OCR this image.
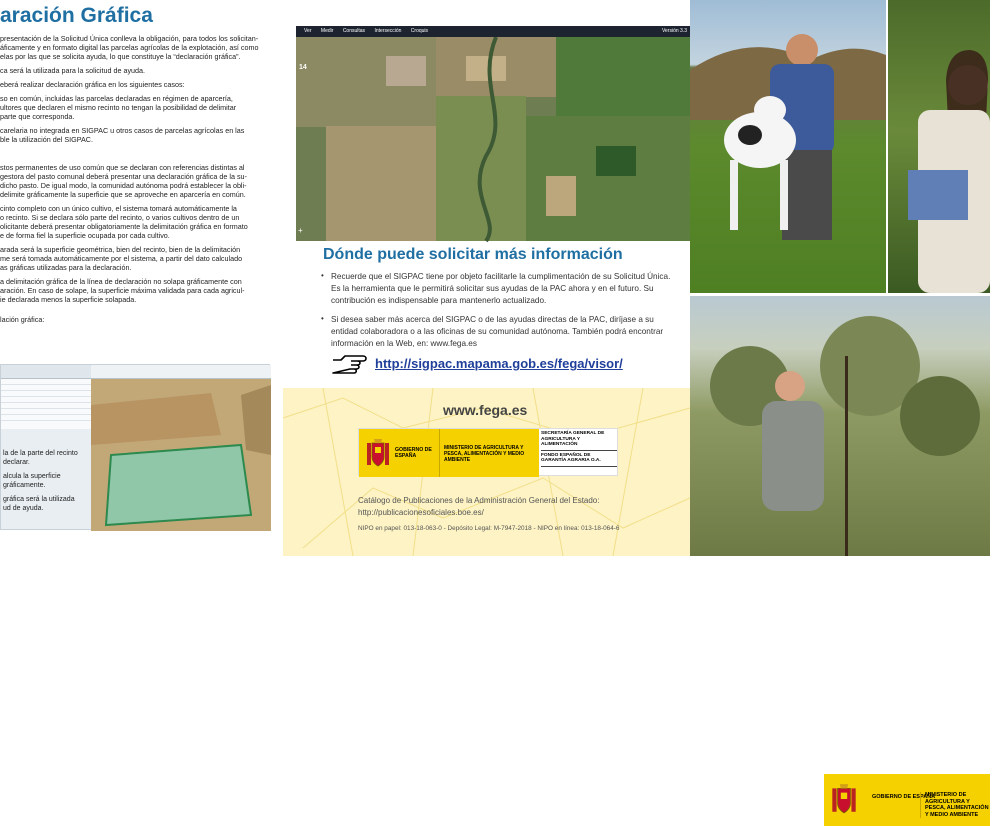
aración Gráfica
presentación de la Solicitud Única conlleva la obligación, para todos los solicitan-
áficamente y en formato digital las parcelas agrícolas de la explotación, así como
elas por las que se solicita ayuda, lo que constituye la “declaración gráfica”.
ca será la utilizada para la solicitud de ayuda.
eberá realizar declaración gráfica en los siguientes casos:
so en común, incluidas las parcelas declaradas en régimen de aparcería,
ultores que declaren el mismo recinto no tengan la posibilidad de delimitar
parte que corresponda.
carelaria no integrada en SIGPAC u otros casos de parcelas agrícolas en las
ble la utilización del SIGPAC.
stos permanentes de uso común que se declaran con referencias distintas al
gestora del pasto comunal deberá presentar una declaración gráfica de la su-
dicho pasto. De igual modo, la comunidad autónoma podrá establecer la obli-
delimite gráficamente la superficie que se aproveche en aparcería en común.
cinto completo con un único cultivo, el sistema tomará automáticamente la
o recinto. Si se declara sólo parte del recinto, o varios cultivos dentro de un
olicitante deberá presentar obligatoriamente la delimitación gráfica en formato
e de forma fiel la superficie ocupada por cada cultivo.
arada será la superficie geométrica, bien del recinto, bien de la delimitación
me será tomada automáticamente por el sistema, a partir del dato calculado
as gráficas utilizadas para la declaración.
a delimitación gráfica de la línea de declaración no solapa gráficamente con
aración. En caso de solape, la superficie máxima validada para cada agricul-
ie declarada menos la superficie solapada.
lación gráfica:
la de la parte del recinto
declarar.
alcula la superficie
gráficamente.
gráfica será la utilizada
ud de ayuda.
Ver Medir Consultas Intersección Croquis	Versión 3.3
14
+
Dónde puede solicitar más información
• Recuerde que el SIGPAC tiene por objeto facilitarle la cumplimentación de su Solicitud Única. Es la herramienta que le permitirá solicitar sus ayudas de la PAC ahora y en el futuro. Su contribución es indispensable para mantenerlo actualizado.
• Si desea saber más acerca del SIGPAC o de las ayudas directas de la PAC, diríjase a su entidad colaboradora o a las oficinas de su comunidad autónoma. También podrá encontrar información en la Web, en: www.fega.es
http://sigpac.mapama.gob.es/fega/visor/
www.fega.es
GOBIERNO DE ESPAÑA
MINISTERIO DE AGRICULTURA Y PESCA, ALIMENTACIÓN Y MEDIO AMBIENTE
SECRETARÍA GENERAL DE AGRICULTURA Y ALIMENTACIÓN
FONDO ESPAÑOL DE GARANTÍA AGRARIA O.A.
Catálogo de Publicaciones de la Administración General del Estado:
http://publicacionesoficiales.boe.es/
NIPO en papel: 013-18-063-0 - Depósito Legal: M-7947-2018 - NIPO en línea: 013-18-064-6
Ayuc
de la PA
20
Ya puede presentar
del 1 febrero
GOBIERNO DE ESPAÑA
MINISTERIO DE AGRICULTURA Y PESCA, ALIMENTACIÓN Y MEDIO AMBIENTE
